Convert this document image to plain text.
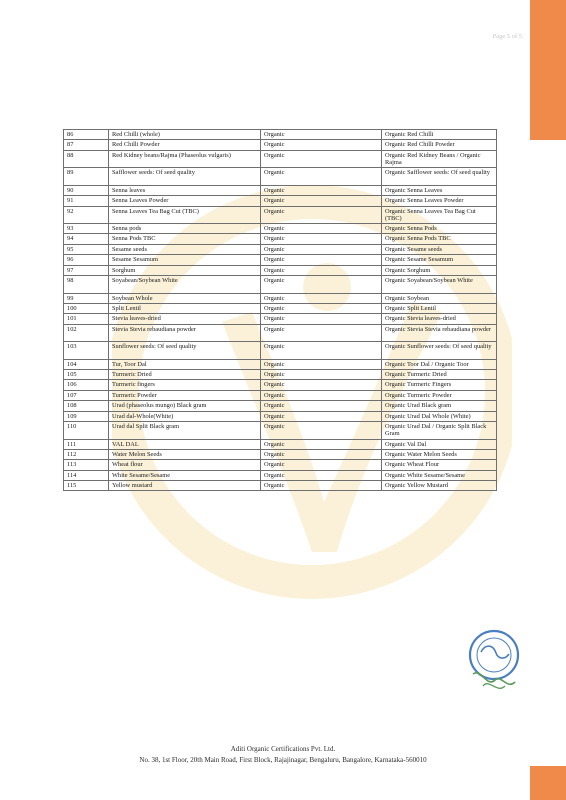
Page 5 of 5
86	Red Chilli (whole)	Organic	Organic Red Chilli
87	Red Chilli Powder	Organic	Organic Red Chilli Powder
88	Red Kidney beans/Rajma (Phaseolus vulgaris)	Organic	Organic Red Kidney Beans / Organic Rajma
89	Safflower seeds: Of seed quality	Organic	Organic Safflower seeds: Of seed quality
90	Senna leaves	Organic	Organic Senna Leaves
91	Senna Leaves Powder	Organic	Organic Senna Leaves Powder
92	Senna Leaves Tea Bag Cut (TBC)	Organic	Organic Senna Leaves Tea Bag Cut (TBC)
93	Senna pods	Organic	Organic Senna Pods
94	Senna Pods TBC	Organic	Organic Senna Pods TBC
95	Sesame seeds	Organic	Organic Sesame seeds
96	Sesame Sesamum	Organic	Organic Sesame Sesamum
97	Sorghum	Organic	Organic Sorghum
98	Soyabean/Soybean White	Organic	Organic Soyabean/Soybean White
99	Soybean Whole	Organic	Organic Soybean
100	Split Lentil	Organic	Organic Split Lentil
101	Stevia leaves-dried	Organic	Organic Stevia leaves-dried
102	Stevia Stevia rebaudiana powder	Organic	Organic Stevia Stevia rebaudiana powder
103	Sunflower seeds: Of seed quality	Organic	Organic Sunflower seeds: Of seed quality
104	Tur, Toor Dal	Organic	Organic Toor Dal / Organic Toor
105	Turmeric Dried	Organic	Organic Turmeric Dried
106	Turmeric fingers	Organic	Organic Turmeric Fingers
107	Turmeric Powder	Organic	Organic Turmeric Powder
108	Urad (phaseolus mungo) Black gram	Organic	Organic Urad Black gram
109	Urad dal-Whole(White)	Organic	Organic Urad Dal Whole (White)
110	Urad dal Split Black gram	Organic	Organic Urad Dal / Organic Split Black Gram
111	VAL DAL	Organic	Organic Val Dal
112	Water Melon Seeds	Organic	Organic Water Melon Seeds
113	Wheat flour	Organic	Organic Wheat Flour
114	White Sesame/Sesame	Organic	Organic White Sesame/Sesame
115	Yellow mustard	Organic	Organic Yellow Mustard
Aditi Organic Certifications Pvt. Ltd.
No. 38, 1st Floor, 20th Main Road, First Block, Rajajinagar, Bengaluru, Bangalore, Karnataka-560010
